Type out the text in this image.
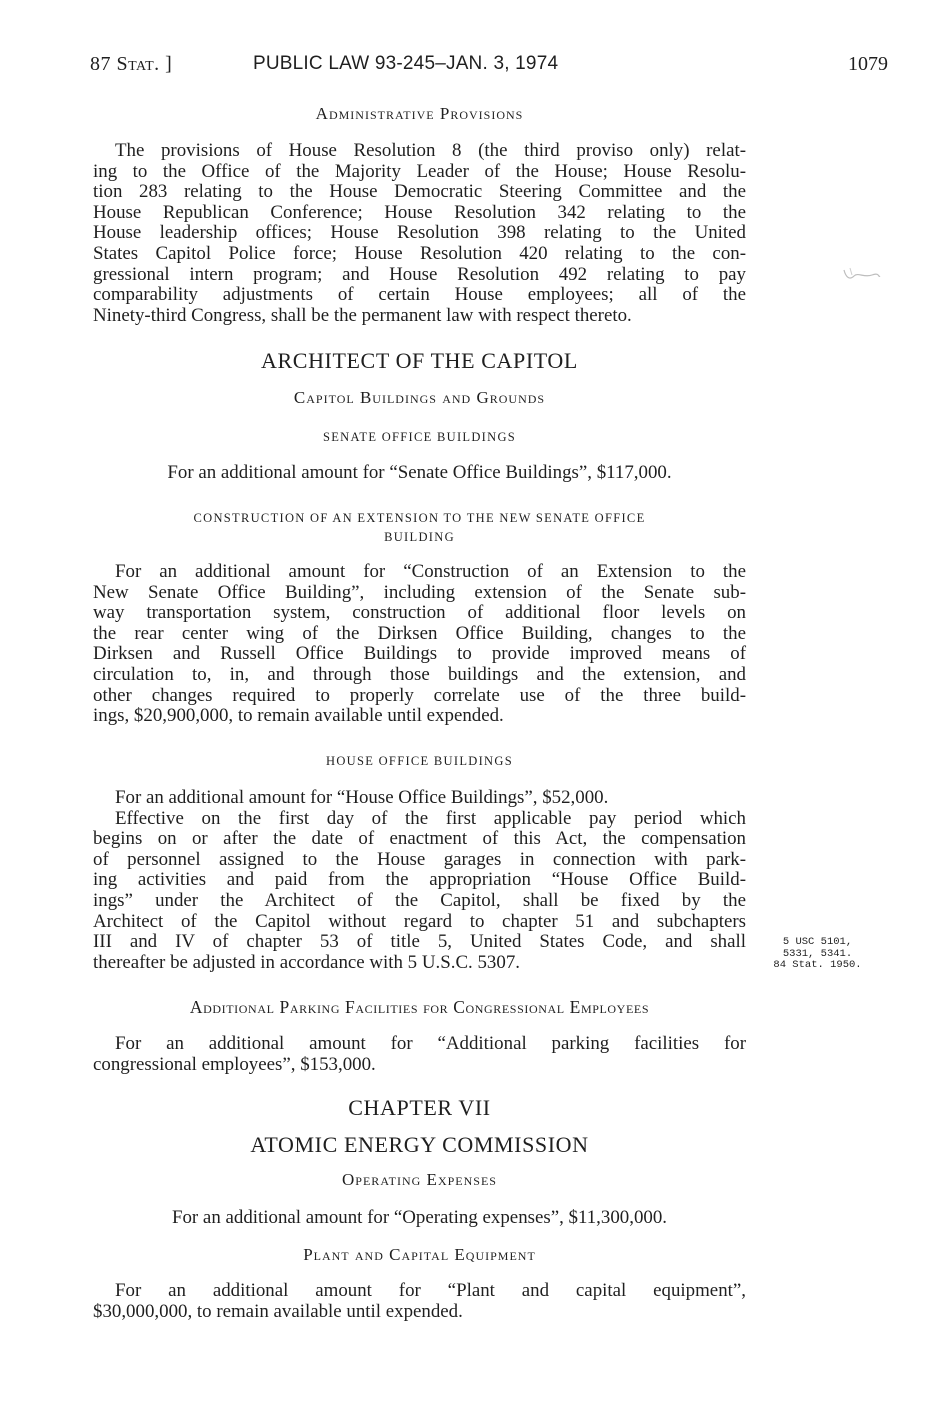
87 Stat. ]	PUBLIC LAW 93-245–JAN. 3, 1974	1079
Administrative Provisions

The provisions of House Resolution 8 (the third proviso only) relat-

ing to the Office of the Majority Leader of the House; House Resolu-

tion 283 relating to the House Democratic Steering Committee and the

House Republican Conference; House Resolution 342 relating to the

House leadership offices; House Resolution 398 relating to the United

States Capitol Police force; House Resolution 420 relating to the con-

gressional intern program; and House Resolution 492 relating to pay

comparability adjustments of certain House employees; all of the

Ninety-third Congress, shall be the permanent law with respect thereto.

ARCHITECT OF THE CAPITOL
Capitol Buildings and Grounds
SENATE OFFICE BUILDINGS
For an additional amount for “Senate Office Buildings”, $117,000.
CONSTRUCTION OF AN EXTENSION TO THE NEW SENATE OFFICE
BUILDING

For an additional amount for “Construction of an Extension to the

New Senate Office Building”, including extension of the Senate sub-

way transportation system, construction of additional floor levels on

the rear center wing of the Dirksen Office Building, changes to the

Dirksen and Russell Office Buildings to provide improved means of

circulation to, in, and through those buildings and the extension, and

other changes required to properly correlate use of the three build-

ings, $20,900,000, to remain available until expended.

HOUSE OFFICE BUILDINGS

For an additional amount for “House Office Buildings”, $52,000.

Effective on the first day of the first applicable pay period which

begins on or after the date of enactment of this Act, the compensation

of personnel assigned to the House garages in connection with park-

ing activities and paid from the appropriation “House Office Build-

ings” under the Architect of the Capitol, shall be fixed by the

Architect of the Capitol without regard to chapter 51 and subchapters

III and IV of chapter 53 of title 5, United States Code, and shall

thereafter be adjusted in accordance with 5 U.S.C. 5307.

5 USC 5101,
5331, 5341.
84 Stat. 1950.
Additional Parking Facilities for Congressional Employees

For an additional amount for “Additional parking facilities for

congressional employees”, $153,000.

CHAPTER VII
ATOMIC ENERGY COMMISSION
Operating Expenses
For an additional amount for “Operating expenses”, $11,300,000.
Plant and Capital Equipment

For an additional amount for “Plant and capital equipment”,

$30,000,000, to remain available until expended.
